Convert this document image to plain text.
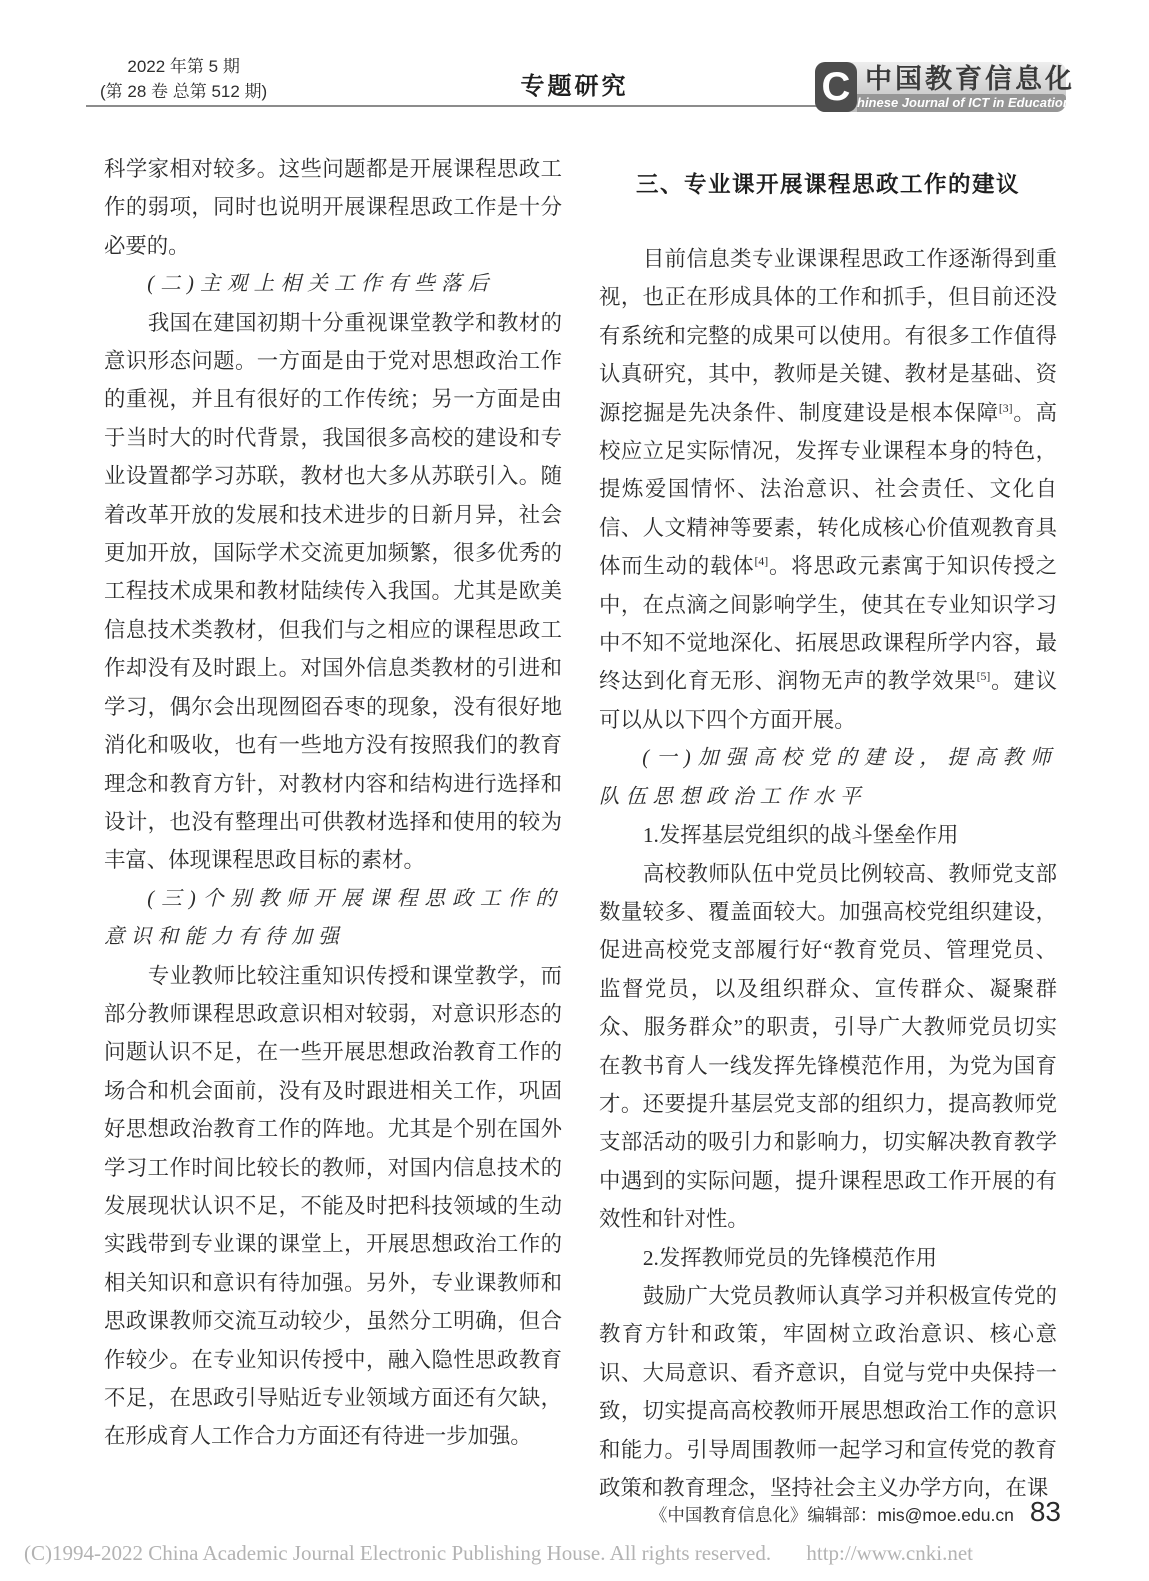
2022 年第 5 期
(第 28 卷 总第 512 期)	专题研究	C 中国教育信息化
hinese Journal of ICT in Education

科学家相对较多。这些问题都是开展课程思政工作的弱项，同时也说明开展课程思政工作是十分必要的。

(二)主观上相关工作有些落后

我国在建国初期十分重视课堂教学和教材的意识形态问题。一方面是由于党对思想政治工作的重视，并且有很好的工作传统；另一方面是由于当时大的时代背景，我国很多高校的建设和专业设置都学习苏联，教材也大多从苏联引入。随着改革开放的发展和技术进步的日新月异，社会更加开放，国际学术交流更加频繁，很多优秀的工程技术成果和教材陆续传入我国。尤其是欧美信息技术类教材，但我们与之相应的课程思政工作却没有及时跟上。对国外信息类教材的引进和学习，偶尔会出现囫囵吞枣的现象，没有很好地消化和吸收，也有一些地方没有按照我们的教育理念和教育方针，对教材内容和结构进行选择和设计，也没有整理出可供教材选择和使用的较为丰富、体现课程思政目标的素材。

(三)个别教师开展课程思政工作的意识和能力有待加强

专业教师比较注重知识传授和课堂教学，而部分教师课程思政意识相对较弱，对意识形态的问题认识不足，在一些开展思想政治教育工作的场合和机会面前，没有及时跟进相关工作，巩固好思想政治教育工作的阵地。尤其是个别在国外学习工作时间比较长的教师，对国内信息技术的发展现状认识不足，不能及时把科技领域的生动实践带到专业课的课堂上，开展思想政治工作的相关知识和意识有待加强。另外，专业课教师和思政课教师交流互动较少，虽然分工明确，但合作较少。在专业知识传授中，融入隐性思政教育不足，在思政引导贴近专业领域方面还有欠缺，在形成育人工作合力方面还有待进一步加强。

三、专业课开展课程思政工作的建议

目前信息类专业课课程思政工作逐渐得到重视，也正在形成具体的工作和抓手，但目前还没有系统和完整的成果可以使用。有很多工作值得认真研究，其中，教师是关键、教材是基础、资源挖掘是先决条件、制度建设是根本保障[3]。高校应立足实际情况，发挥专业课程本身的特色，提炼爱国情怀、法治意识、社会责任、文化自信、人文精神等要素，转化成核心价值观教育具体而生动的载体[4]。将思政元素寓于知识传授之中，在点滴之间影响学生，使其在专业知识学习中不知不觉地深化、拓展思政课程所学内容，最终达到化育无形、润物无声的教学效果[5]。建议可以从以下四个方面开展。

(一)加强高校党的建设，提高教师队伍思想政治工作水平

1.发挥基层党组织的战斗堡垒作用

高校教师队伍中党员比例较高、教师党支部数量较多、覆盖面较大。加强高校党组织建设，促进高校党支部履行好“教育党员、管理党员、监督党员，以及组织群众、宣传群众、凝聚群众、服务群众”的职责，引导广大教师党员切实在教书育人一线发挥先锋模范作用，为党为国育才。还要提升基层党支部的组织力，提高教师党支部活动的吸引力和影响力，切实解决教育教学中遇到的实际问题，提升课程思政工作开展的有效性和针对性。

2.发挥教师党员的先锋模范作用

鼓励广大党员教师认真学习并积极宣传党的教育方针和政策，牢固树立政治意识、核心意识、大局意识、看齐意识，自觉与党中央保持一致，切实提高高校教师开展思想政治工作的意识和能力。引导周围教师一起学习和宣传党的教育政策和教育理念，坚持社会主义办学方向，在课

《中国教育信息化》编辑部：mis@moe.edu.cn 83
(C)1994-2022 China Academic Journal Electronic Publishing House. All rights reserved. http://www.cnki.net
